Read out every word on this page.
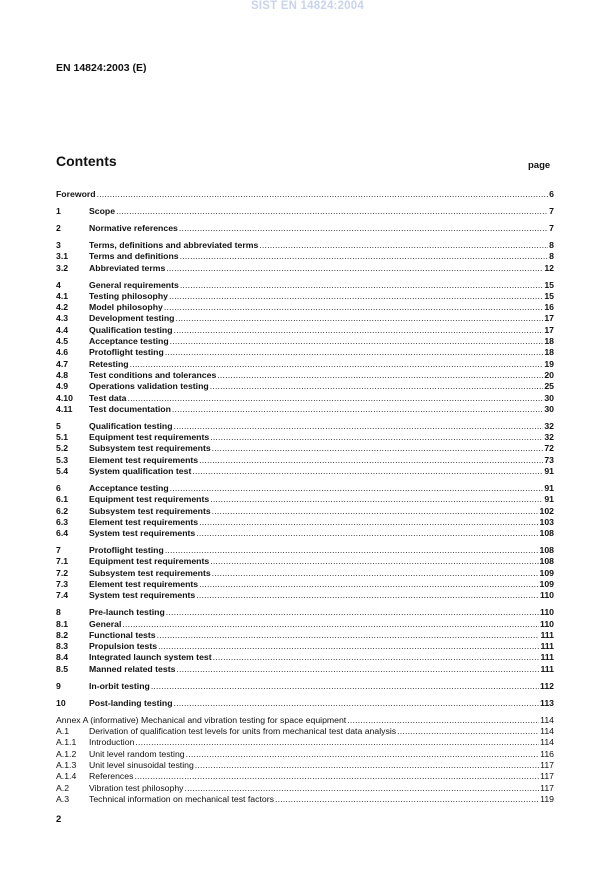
SIST EN 14824:2004
EN 14824:2003 (E)
Contents	page
Foreword .....	6
1	Scope .....	7
2	Normative references .....	7
3	Terms, definitions and abbreviated terms .....	8
3.1	Terms and definitions .....	8
3.2	Abbreviated terms .....	12
4	General requirements .....	15
4.1	Testing philosophy .....	15
4.2	Model philosophy .....	16
4.3	Development testing .....	17
4.4	Qualification testing .....	17
4.5	Acceptance testing .....	18
4.6	Protoflight testing .....	18
4.7	Retesting .....	19
4.8	Test conditions and tolerances .....	20
4.9	Operations validation testing .....	25
4.10	Test data .....	30
4.11	Test documentation .....	30
5	Qualification testing .....	32
5.1	Equipment test requirements .....	32
5.2	Subsystem test requirements .....	72
5.3	Element test requirements .....	73
5.4	System qualification test .....	91
6	Acceptance testing .....	91
6.1	Equipment test requirements .....	91
6.2	Subsystem test requirements .....	102
6.3	Element test requirements .....	103
6.4	System test requirements .....	108
7	Protoflight testing .....	108
7.1	Equipment test requirements .....	108
7.2	Subsystem test requirements .....	109
7.3	Element test requirements .....	109
7.4	System test requirements .....	110
8	Pre-launch testing .....	110
8.1	General .....	110
8.2	Functional tests .....	111
8.3	Propulsion tests .....	111
8.4	Integrated launch system test .....	111
8.5	Manned related tests .....	111
9	In-orbit testing .....	112
10	Post-landing testing .....	113
Annex A (informative) Mechanical and vibration testing for space equipment .....	114
A.1	Derivation of qualification test levels for units from mechanical test data analysis .....	114
A.1.1	Introduction .....	114
A.1.2	Unit level random testing .....	116
A.1.3	Unit level sinusoidal testing .....	117
A.1.4	References .....	117
A.2	Vibration test philosophy .....	117
A.3	Technical information on mechanical test factors .....	119
2
